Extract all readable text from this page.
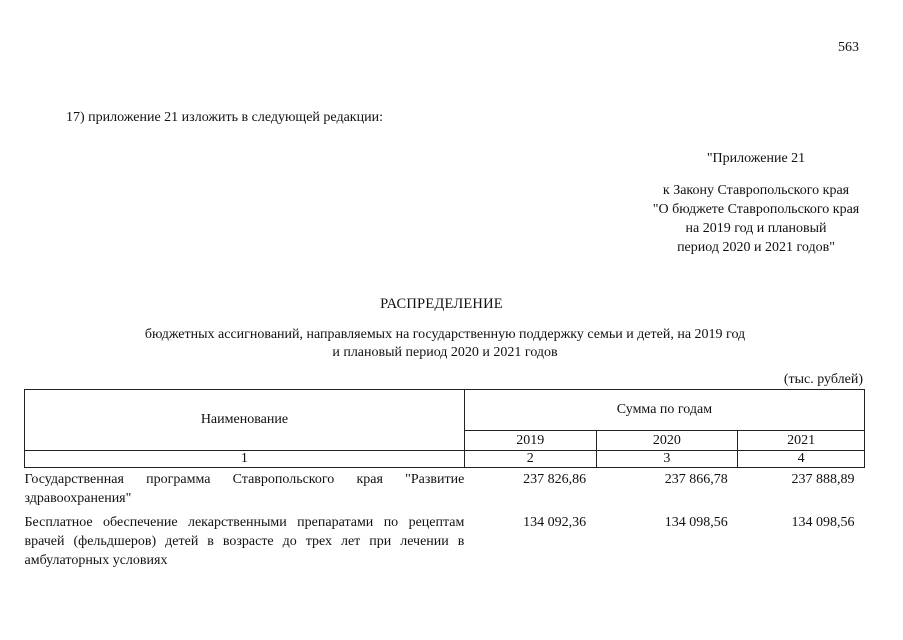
563
17) приложение 21 изложить в следующей редакции:
"Приложение 21
к Закону Ставропольского края
"О бюджете Ставропольского края
на 2019 год и плановый
период 2020 и 2021 годов"
РАСПРЕДЕЛЕНИЕ
бюджетных ассигнований, направляемых на государственную поддержку семьи и детей, на 2019 год
и плановый период 2020 и 2021 годов
(тыс. рублей)
Наименование	Сумма по годам		
	2019	2020	2021
1	2	3	4
Государственная программа Ставропольского края "Развитие здравоохранения"	237 826,86	237 866,78	237 888,89
Бесплатное обеспечение лекарственными препаратами по рецептам врачей (фельдшеров) детей в возрасте до трех лет при лечении в амбулаторных условиях	134 092,36	134 098,56	134 098,56
